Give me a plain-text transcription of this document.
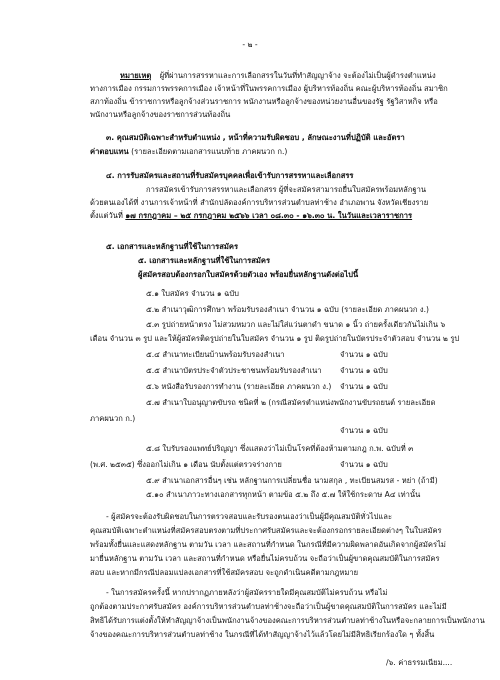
- ๒ -
หมายเหตุ ผู้ที่ผ่านการสรรหาและการเลือกสรรในวันที่ทำสัญญาจ้าง จะต้องไม่เป็นผู้ดำรงตำแหน่ง
ทางการเมือง กรรมการพรรคการเมือง เจ้าหน้าที่ในพรรคการเมือง ผู้บริหารท้องถิ่น คณะผู้บริหารท้องถิ่น สมาชิก
สภาท้องถิ่น ข้าราชการหรือลูกจ้างส่วนราชการ พนักงานหรือลูกจ้างของหน่วยงานอื่นของรัฐ รัฐวิสาหกิจ หรือ
พนักงานหรือลูกจ้างของราชการส่วนท้องถิ่น
๓. คุณสมบัติเฉพาะสำหรับตำแหน่ง , หน้าที่ความรับผิดชอบ , ลักษณะงานที่ปฏิบัติ และอัตรา
ค่าตอบแทน (รายละเอียดตามเอกสารแนบท้าย ภาคผนวก ก.)
๔. การรับสมัครและสถานที่รับสมัครบุคคลเพื่อเข้ารับการสรรหาและเลือกสรร
การสมัครเข้ารับการสรรหาและเลือกสรร ผู้ที่จะสมัครสามารถยื่นใบสมัครพร้อมหลักฐาน
ด้วยตนเองได้ที่ งานการเจ้าหน้าที่ สำนักปลัดองค์การบริหารส่วนตำบลท่าช้าง อำเภอพาน จังหวัดเชียงราย
ตั้งแต่วันที่ ๑๗ กรกฎาคม – ๒๕ กรกฎาคม ๒๕๖๖ เวลา ๐๘.๓๐ - ๑๖.๓๐ น. ในวันและเวลาราชการ
๕. เอกสารและหลักฐานที่ใช้ในการสมัคร
๕. เอกสารและหลักฐานที่ใช้ในการสมัคร
ผู้สมัครสอบต้องกรอกใบสมัครด้วยตัวเอง พร้อมยื่นหลักฐานดังต่อไปนี้
๕.๑ ใบสมัคร จำนวน ๑ ฉบับ
๕.๒ สำเนาวุฒิการศึกษา พร้อมรับรองสำเนา จำนวน ๑ ฉบับ (รายละเอียด ภาคผนวก ง.)
๕.๓ รูปถ่ายหน้าตรง ไม่สวมหมวก และไม่ใส่แว่นตาดำ ขนาด ๑ นิ้ว ถ่ายครั้งเดียวกันไม่เกิน ๖
เดือน จำนวน ๓ รูป และให้ผู้สมัครติดรูปถ่ายในใบสมัคร จำนวน ๑ รูป ติดรูปถ่ายในบัตรประจำตัวสอบ จำนวน ๒ รูป
๕.๔ สำเนาทะเบียนบ้านพร้อมรับรองสำเนา	จำนวน ๑ ฉบับ
๕.๕ สำเนาบัตรประจำตัวประชาชนพร้อมรับรองสำเนา จำนวน ๑ ฉบับ
๕.๖ หนังสือรับรองการทำงาน (รายละเอียด ภาคผนวก ง.) จำนวน ๑ ฉบับ
๕.๗ สำเนาใบอนุญาตขับรถ ชนิดที่ ๒ (กรณีสมัครตำแหน่งพนักงานขับรถยนต์ รายละเอียด
ภาคผนวก ก.)
จำนวน ๑ ฉบับ
๕.๘ ใบรับรองแพทย์ปริญญา ซึ่งแสดงว่าไม่เป็นโรคที่ต้องห้ามตามกฎ ก.พ. ฉบับที่ ๓
(พ.ศ. ๒๕๓๕) ซึ่งออกไม่เกิน ๑ เดือน นับตั้งแต่ตรวจร่างกาย	จำนวน ๑ ฉบับ
๕.๙ สำเนาเอกสารอื่นๆ เช่น หลักฐานการเปลี่ยนชื่อ นามสกุล , ทะเบียนสมรส - หย่า (ถ้ามี)
๕.๑๐ สำเนาภาวะทางเอกสารทุกหน้า ตามข้อ ๕.๒ ถึง ๕.๗ ให้ใช้กระดาษ A๔ เท่านั้น
- ผู้สมัครจะต้องรับผิดชอบในการตรวจสอบและรับรองตนเองว่าเป็นผู้มีคุณสมบัติทั่วไปและ
คุณสมบัติเฉพาะตำแหน่งที่สมัครสอบตรงตามที่ประกาศรับสมัครและจะต้องกรอกรายละเอียดต่างๆ ในใบสมัคร
พร้อมทั้งยื่นและแสดงหลักฐาน ตามวัน เวลา และสถานที่กำหนด ในกรณีที่มีความผิดพลาดอันเกิดจากผู้สมัครไม่
มายื่นหลักฐาน ตามวัน เวลา และสถานที่กำหนด หรือยื่นไม่ครบถ้วน จะถือว่าเป็นผู้ขาดคุณสมบัติในการสมัคร
สอบ และหากมีกรณีปลอมแปลงเอกสารที่ใช้สมัครสอบ จะถูกดำเนินคดีตามกฎหมาย
- ในการสมัครครั้งนี้ หากปรากฏภายหลังว่าผู้สมัครรายใดมีคุณสมบัติไม่ครบถ้วน หรือไม่
ถูกต้องตามประกาศรับสมัคร องค์การบริหารส่วนตำบลท่าช้างจะถือว่าเป็นผู้ขาดคุณสมบัติในการสมัคร และไม่มี
สิทธิได้รับการแต่งตั้งให้ทำสัญญาจ้างเป็นพนักงานจ้างของคณะการบริหารส่วนตำบลท่าช้างในหรือจะกลายการเป็นพนักงาน
จ้างของคณะการบริหารส่วนตำบลท่าช้าง ในกรณีที่ได้ทำสัญญาจ้างไว้แล้วโดยไม่มีสิทธิเรียกร้องใด ๆ ทั้งสิ้น
/๖. ค่าธรรมเนียม....
